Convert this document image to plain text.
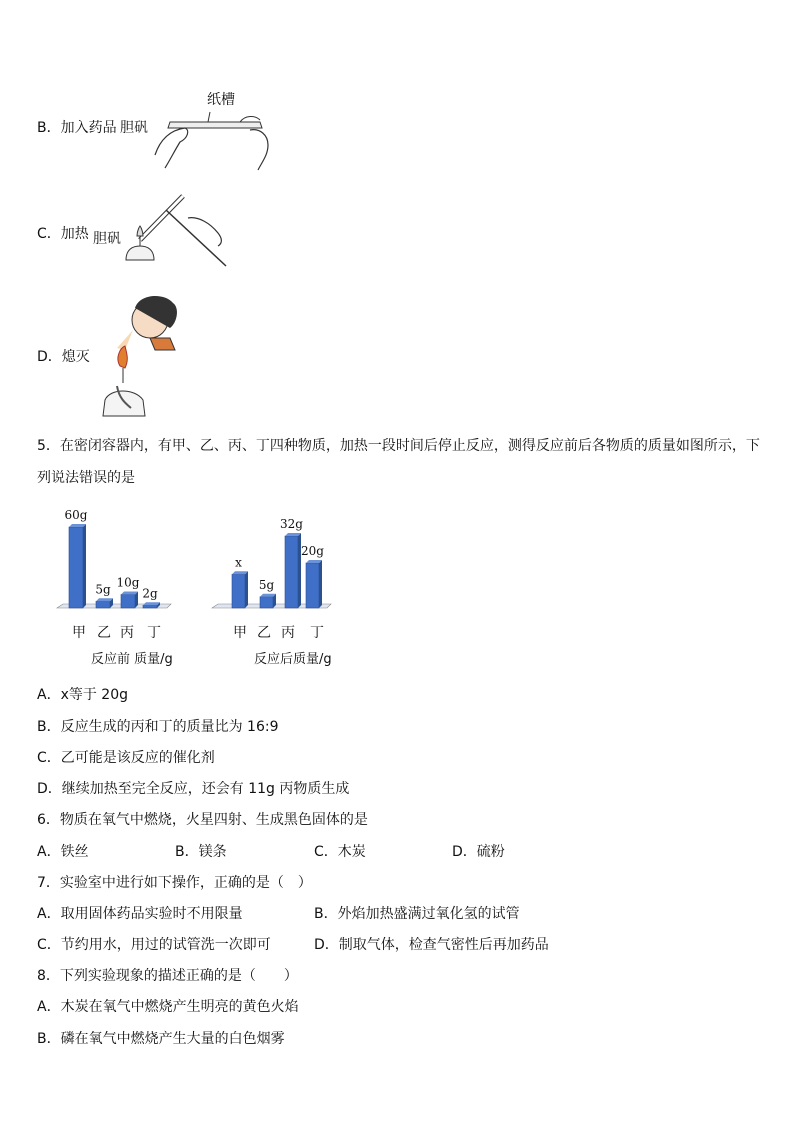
B．加入药品
纸槽
胆矾
C．加热 胆矾
D．熄灭
5．在密闭容器内，有甲、乙、丙、丁四种物质，加热一段时间后停止反应，测得反应前后各物质的质量如图所示，下
列说法错误的是
60g
5g 10g
2g
甲 乙 丙 丁
反应前 质量/g
x
5g
32g
20g
甲 乙 丙 丁
反应后质量/g
A．x等于 20g
B．反应生成的丙和丁的质量比为 16:9
C．乙可能是该反应的催化剂
D．继续加热至完全反应，还会有 11g 丙物质生成
6．物质在氧气中燃烧，火星四射、生成黑色固体的是
A．铁丝	B．镁条	C．木炭	D．硫粉
7．实验室中进行如下操作，正确的是（　）
A．取用固体药品实验时不用限量	B．外焰加热盛满过氧化氢的试管
C．节约用水，用过的试管洗一次即可	D．制取气体，检查气密性后再加药品
8．下列实验现象的描述正确的是（　　）
A．木炭在氧气中燃烧产生明亮的黄色火焰
B．磷在氧气中燃烧产生大量的白色烟雾
